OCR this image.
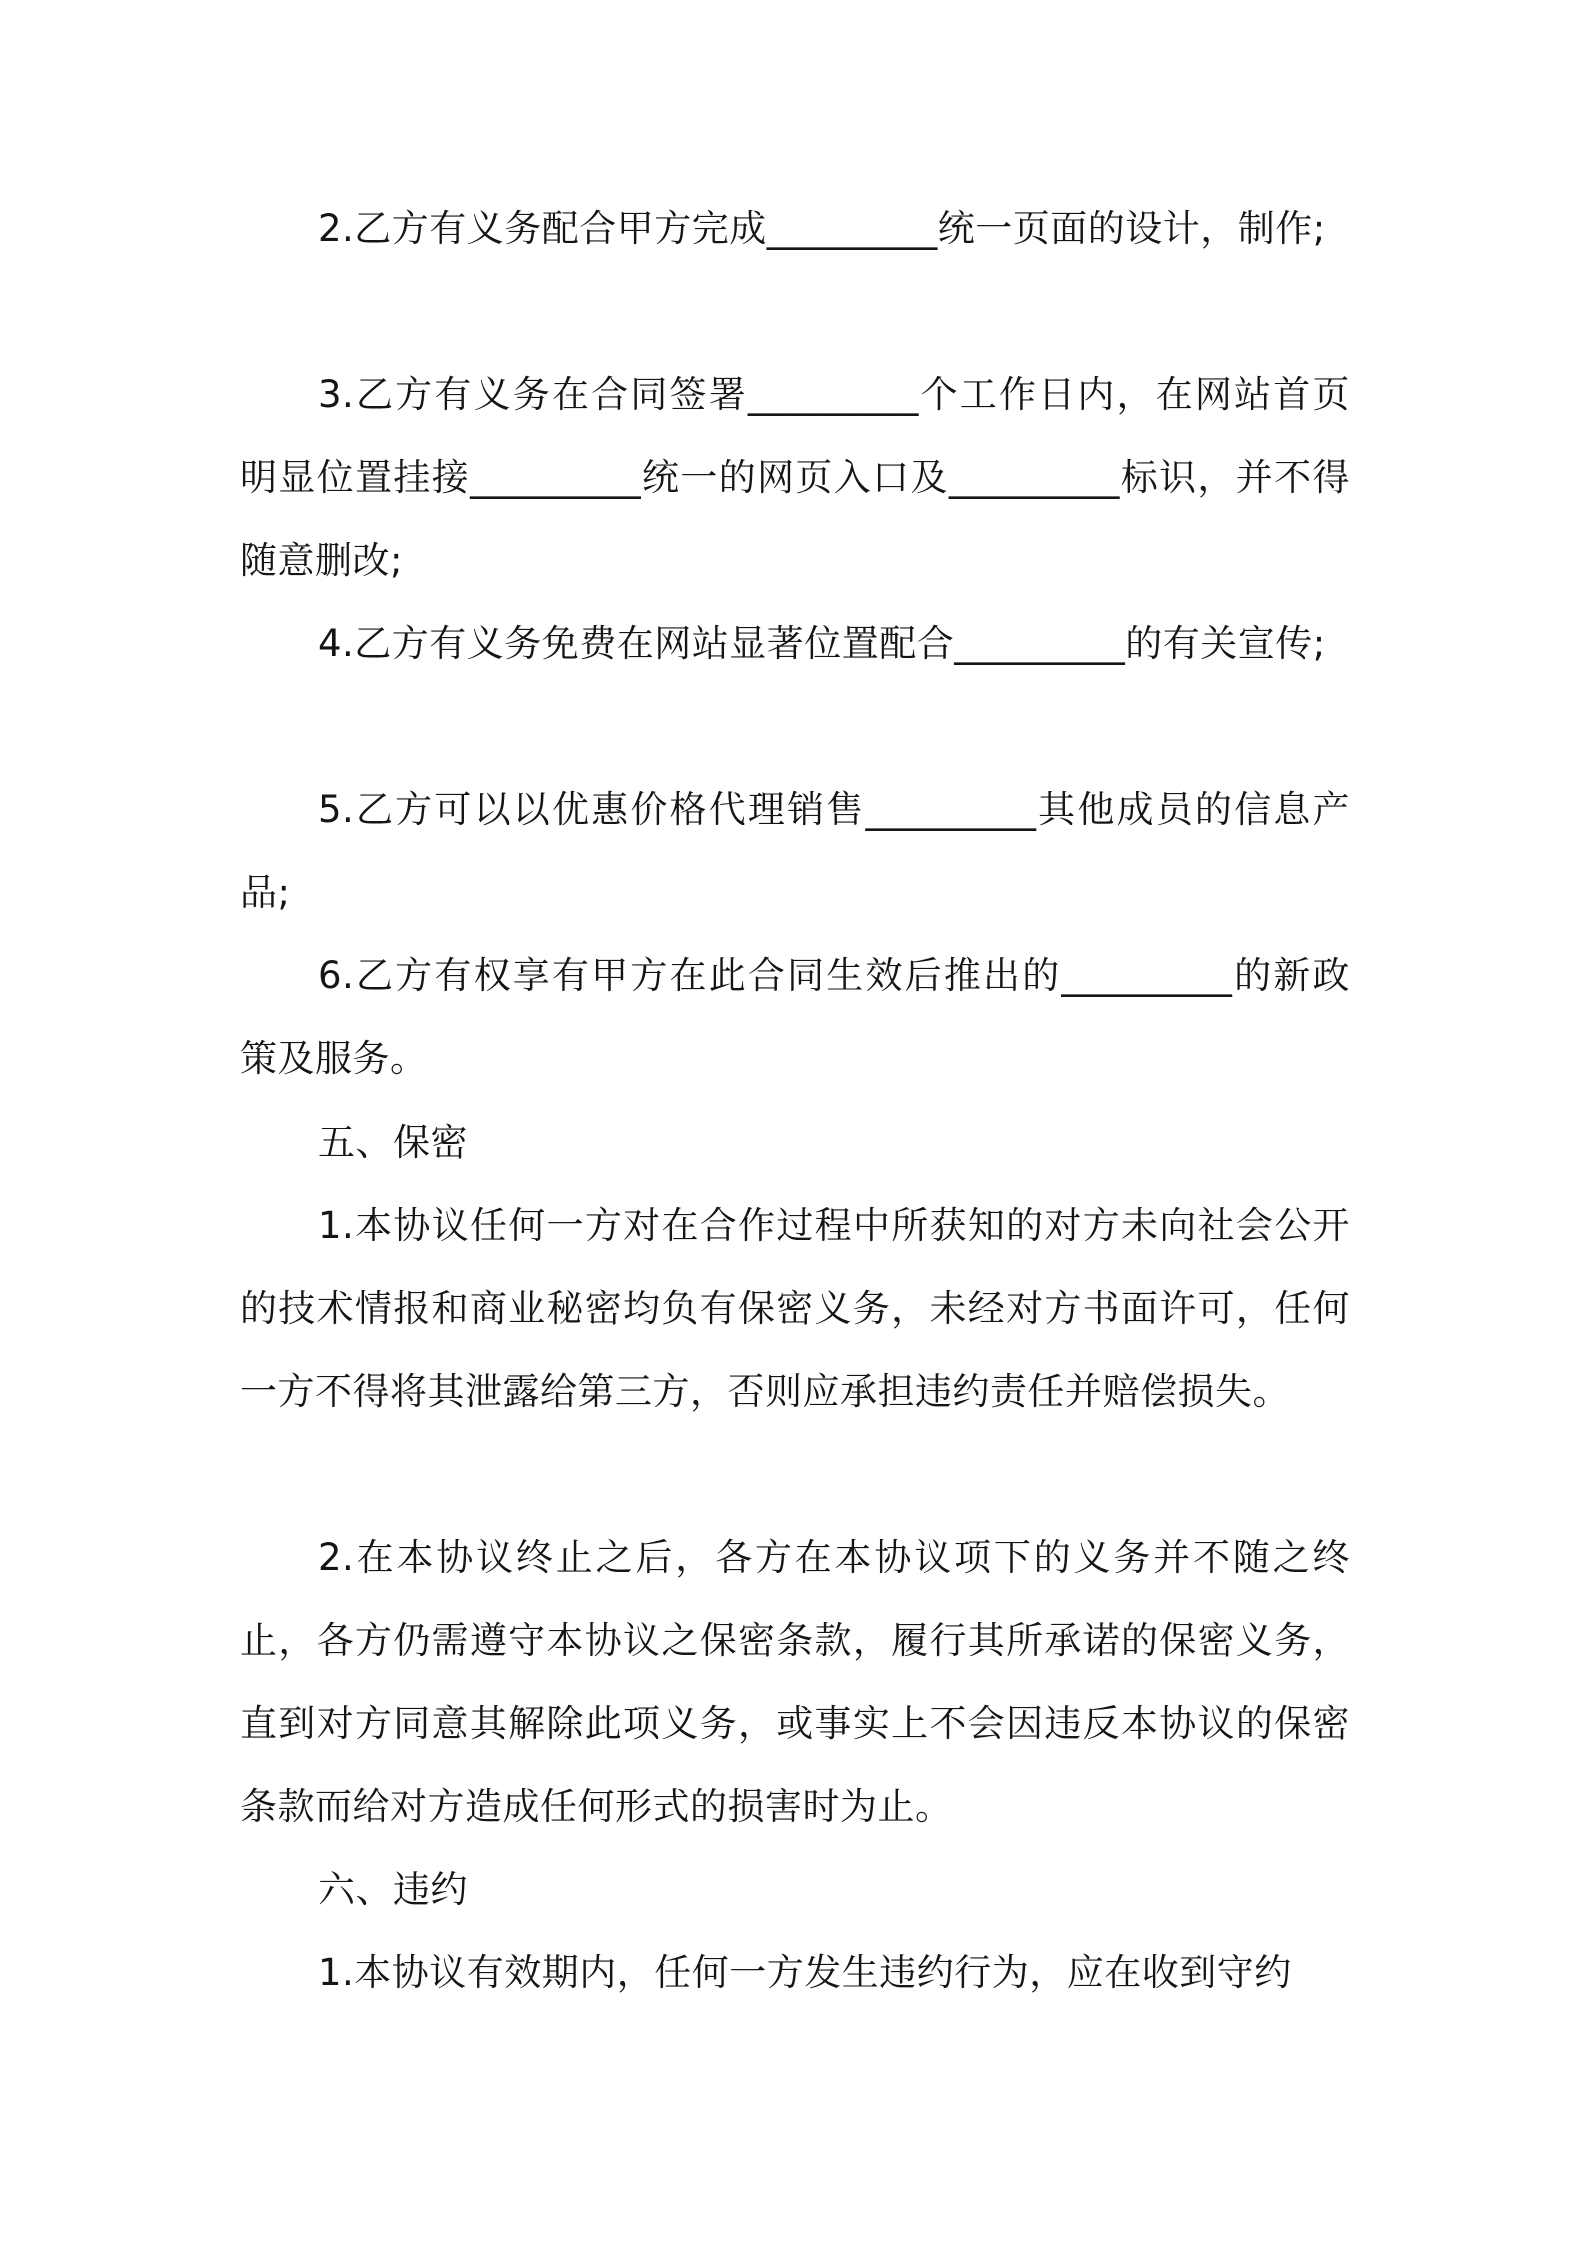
2.乙方有义务配合甲方完成_________统一页面的设计，制作;

3.乙方有义务在合同签署_________个工作日内，在网站首页明显位置挂接_________统一的网页入口及_________标识，并不得随意删改;

4.乙方有义务免费在网站显著位置配合_________的有关宣传;

5.乙方可以以优惠价格代理销售_________其他成员的信息产品;

6.乙方有权享有甲方在此合同生效后推出的_________的新政策及服务。

五、保密

1.本协议任何一方对在合作过程中所获知的对方未向社会公开的技术情报和商业秘密均负有保密义务，未经对方书面许可，任何一方不得将其泄露给第三方，否则应承担违约责任并赔偿损失。

2.在本协议终止之后，各方在本协议项下的义务并不随之终止，各方仍需遵守本协议之保密条款，履行其所承诺的保密义务，直到对方同意其解除此项义务，或事实上不会因违反本协议的保密条款而给对方造成任何形式的损害时为止。

六、违约

1.本协议有效期内，任何一方发生违约行为，应在收到守约
